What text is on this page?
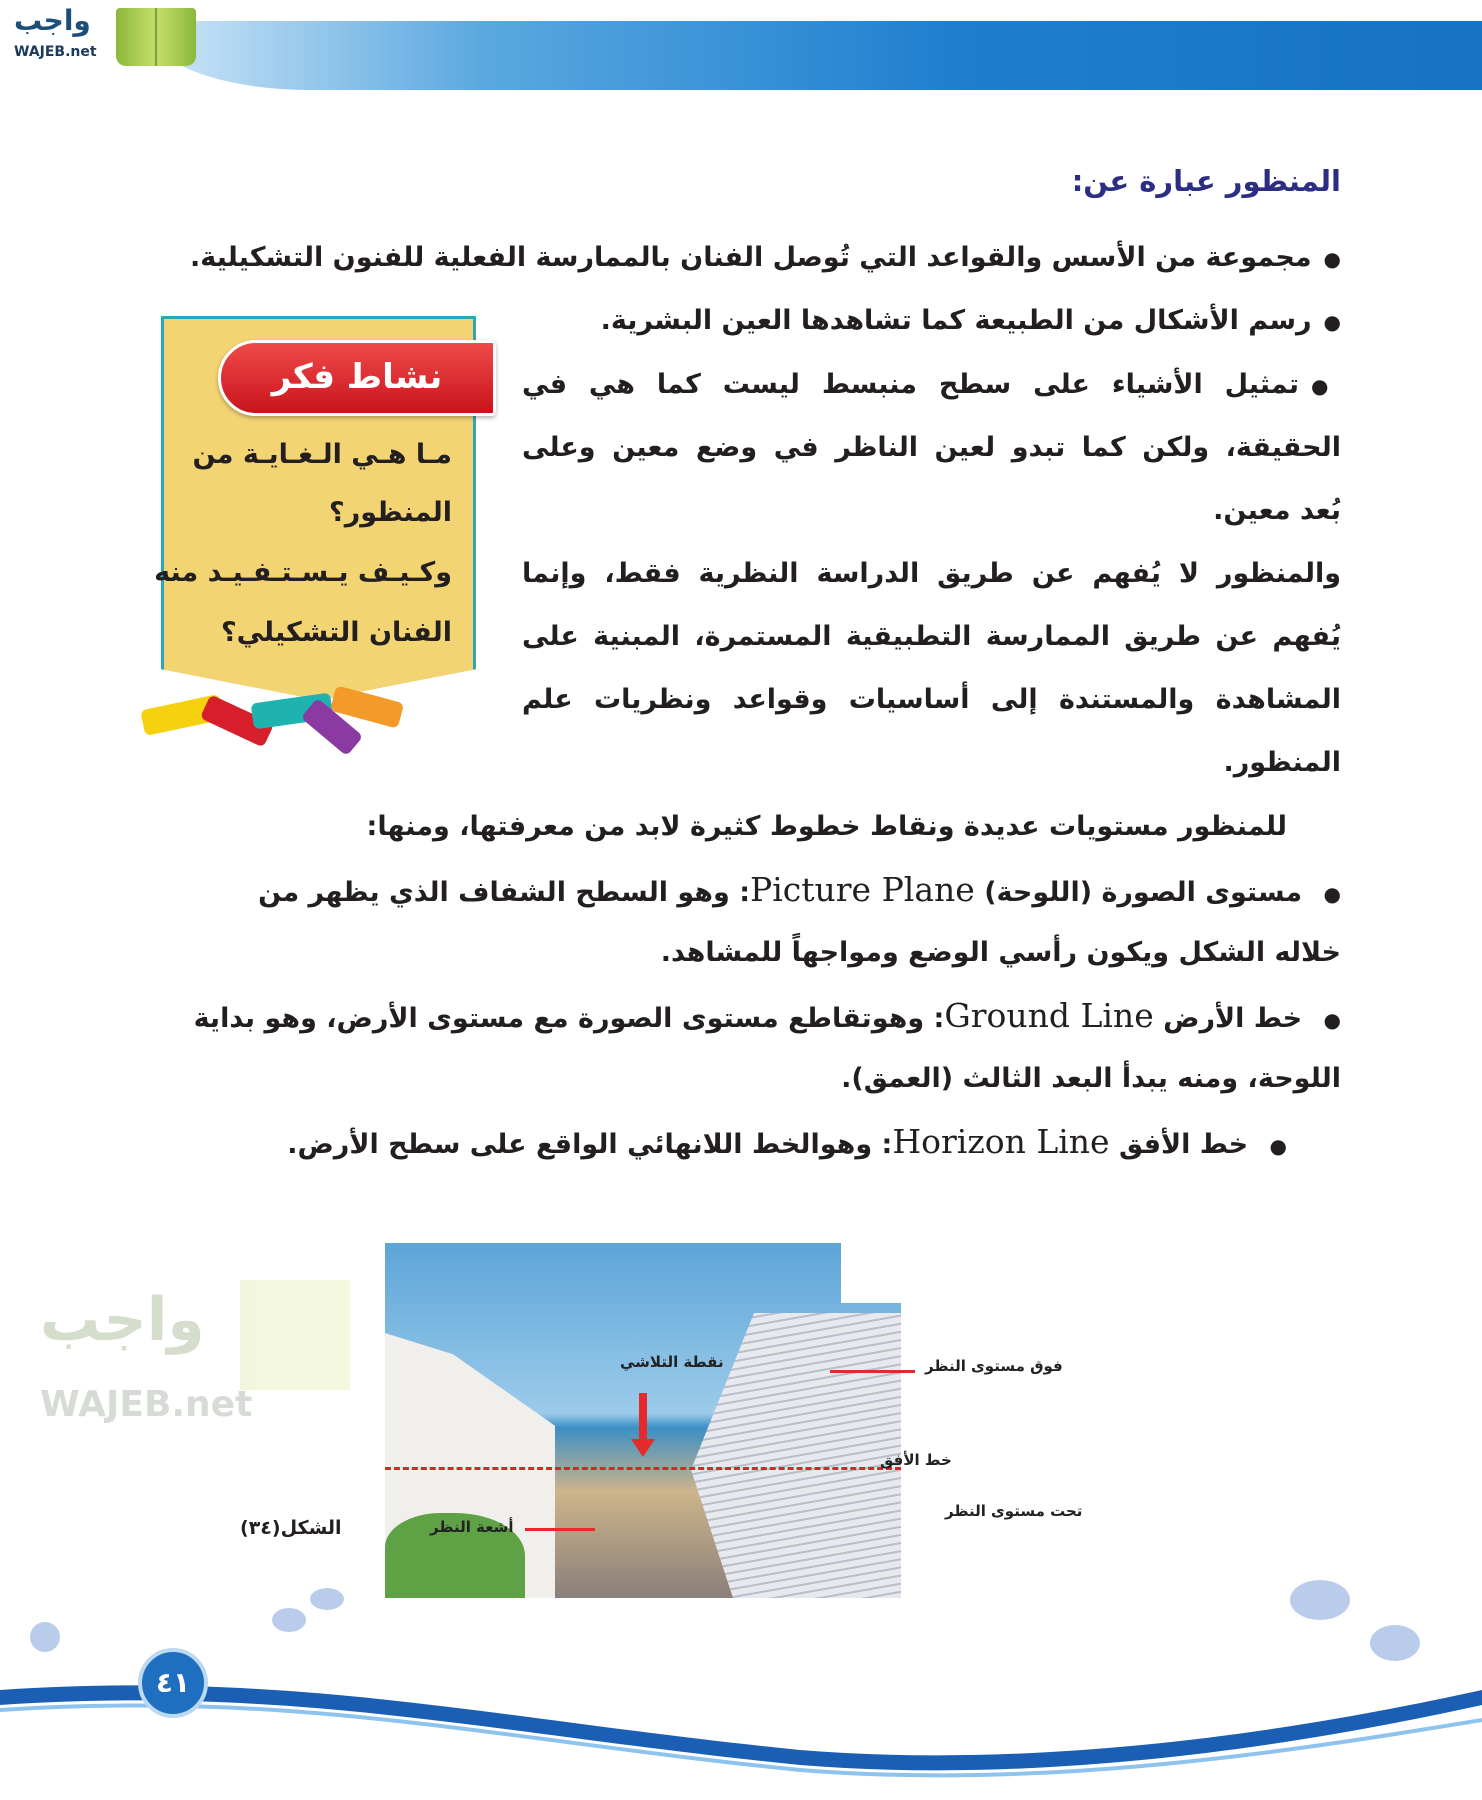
واجب
WAJEB.net
المنظور عبارة عن:
● مجموعة من الأسس والقواعد التي تُوصل الفنان بالممارسة الفعلية للفنون التشكيلية.
● رسم الأشكال من الطبيعة كما تشاهدها العين البشرية.
● تمثيل الأشياء على سطح منبسط ليست كما هي في
الحقيقة، ولكن كما تبدو لعين الناظر في وضع معين وعلى
بُعد معين.
والمنظور لا يُفهم عن طريق الدراسة النظرية فقط، وإنما
يُفهم عن طريق الممارسة التطبيقية المستمرة، المبنية على
المشاهدة والمستندة إلى أساسيات وقواعد ونظريات علم
المنظور.
للمنظور مستويات عديدة ونقاط خطوط كثيرة لابد من معرفتها، ومنها:
واجب
WAJEB.net
● مستوى الصورة (اللوحة) Picture Plane: وهو السطح الشفاف الذي يظهر من
خلاله الشكل ويكون رأسي الوضع ومواجهاً للمشاهد.
● خط الأرض Ground Line: وهوتقاطع مستوى الصورة مع مستوى الأرض، وهو بداية
اللوحة، ومنه يبدأ البعد الثالث (العمق).
● خط الأفق Horizon Line: وهوالخط اللانهائي الواقع على سطح الأرض.
نشاط فكر
مـا هـي الـغـايـة من
المنظور؟
وكـيـف يـسـتـفـيـد منه
الفنان التشكيلي؟
نقطة التلاشي
أشعة النظر
فوق مستوى النظر
خط الأفق
تحت مستوى النظر
الشكل(٣٤)
٤١
